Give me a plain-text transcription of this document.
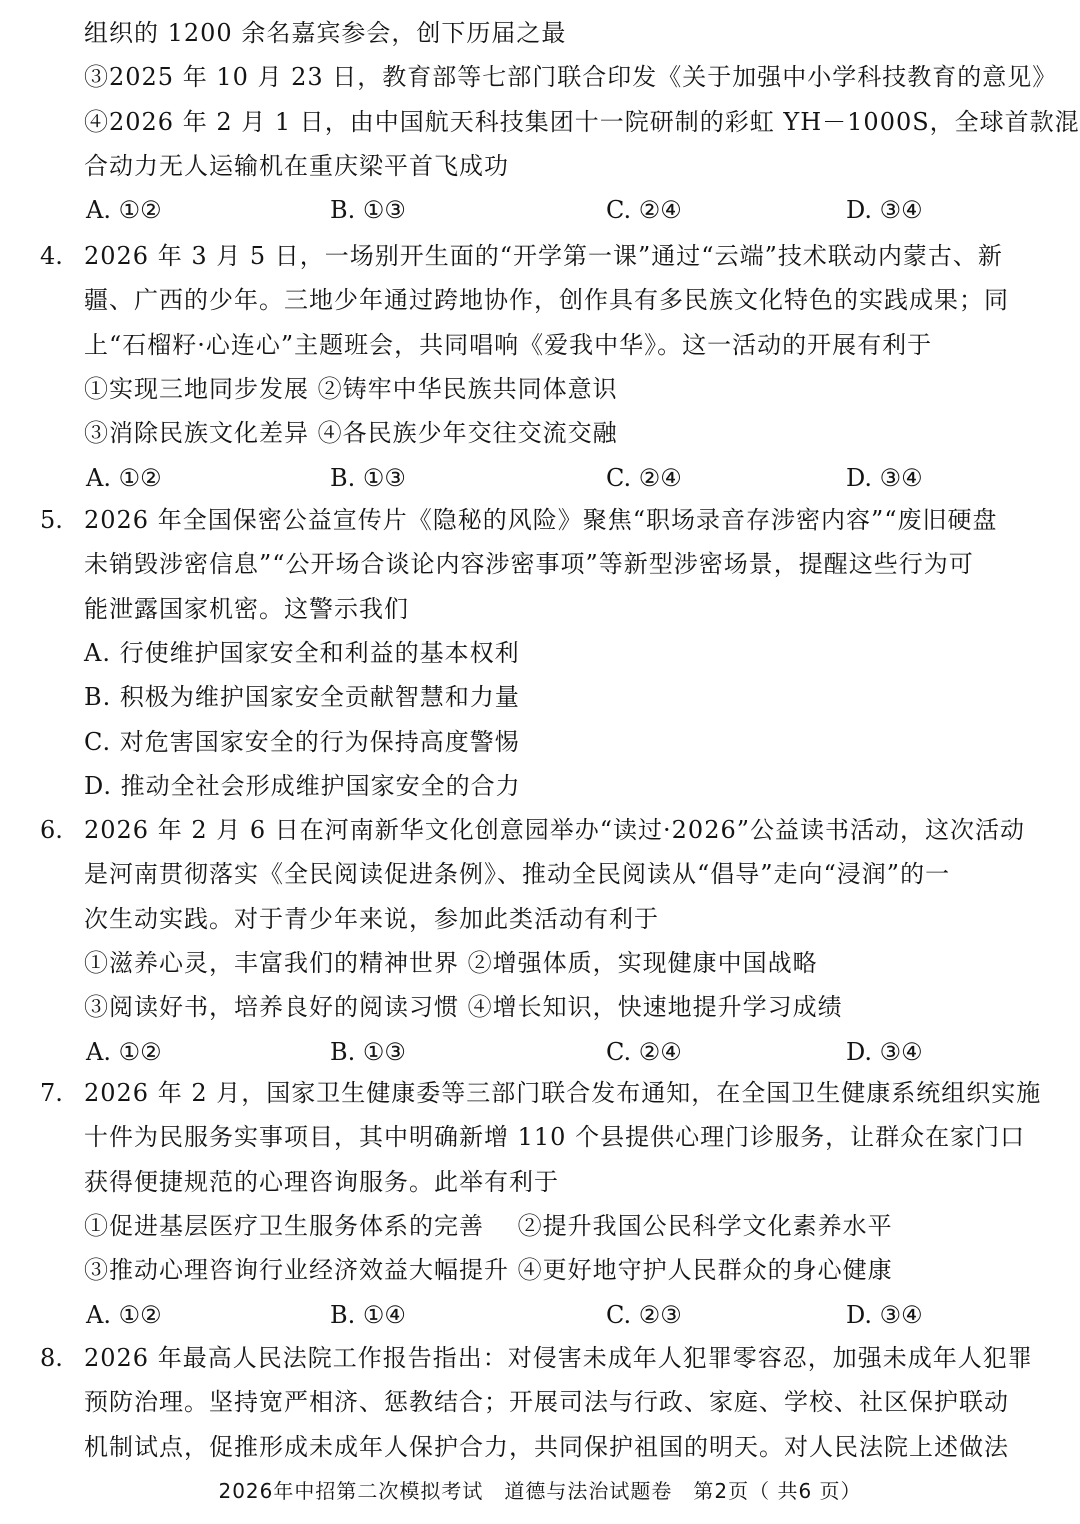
组织的 1200 余名嘉宾参会，创下历届之最
③2025 年 10 月 23 日，教育部等七部门联合印发《关于加强中小学科技教育的意见》
④2026 年 2 月 1 日，由中国航天科技集团十一院研制的彩虹 YH－1000S，全球首款混
合动力无人运输机在重庆梁平首飞成功
A. ①②	B. ①③	C. ②④	D. ③④
4. 2026 年 3 月 5 日，一场别开生面的“开学第一课”通过“云端”技术联动内蒙古、新
疆、广西的少年。三地少年通过跨地协作，创作具有多民族文化特色的实践成果；同
上“石榴籽·心连心”主题班会，共同唱响《爱我中华》。这一活动的开展有利于
①实现三地同步发展 ②铸牢中华民族共同体意识
③消除民族文化差异 ④各民族少年交往交流交融
A. ①②	B. ①③	C. ②④	D. ③④
5. 2026 年全国保密公益宣传片《隐秘的风险》聚焦“职场录音存涉密内容”“废旧硬盘
未销毁涉密信息”“公开场合谈论内容涉密事项”等新型涉密场景，提醒这些行为可
能泄露国家机密。这警示我们
A. 行使维护国家安全和利益的基本权利
B. 积极为维护国家安全贡献智慧和力量
C. 对危害国家安全的行为保持高度警惕
D. 推动全社会形成维护国家安全的合力
6. 2026 年 2 月 6 日在河南新华文化创意园举办“读过·2026”公益读书活动，这次活动
是河南贯彻落实《全民阅读促进条例》、推动全民阅读从“倡导”走向“浸润”的一
次生动实践。对于青少年来说，参加此类活动有利于
①滋养心灵，丰富我们的精神世界 ②增强体质，实现健康中国战略
③阅读好书，培养良好的阅读习惯 ④增长知识，快速地提升学习成绩
A. ①②	B. ①③	C. ②④	D. ③④
7. 2026 年 2 月，国家卫生健康委等三部门联合发布通知，在全国卫生健康系统组织实施
十件为民服务实事项目，其中明确新增 110 个县提供心理门诊服务，让群众在家门口
获得便捷规范的心理咨询服务。此举有利于
①促进基层医疗卫生服务体系的完善　 ②提升我国公民科学文化素养水平
③推动心理咨询行业经济效益大幅提升 ④更好地守护人民群众的身心健康
A. ①②	B. ①④	C. ②③	D. ③④
8. 2026 年最高人民法院工作报告指出：对侵害未成年人犯罪零容忍，加强未成年人犯罪
预防治理。坚持宽严相济、惩教结合；开展司法与行政、家庭、学校、社区保护联动
机制试点，促推形成未成年人保护合力，共同保护祖国的明天。对人民法院上述做法
2026年中招第二次模拟考试　道德与法治试题卷　第2页（ 共6 页）
